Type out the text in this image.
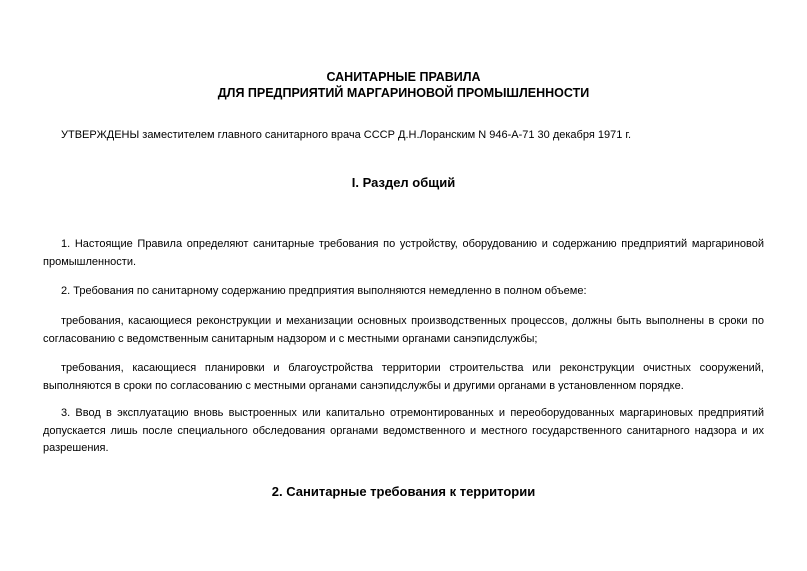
САНИТАРНЫЕ ПРАВИЛА
ДЛЯ ПРЕДПРИЯТИЙ МАРГАРИНОВОЙ ПРОМЫШЛЕННОСТИ
УТВЕРЖДЕНЫ заместителем главного санитарного врача СССР Д.Н.Лоранским N 946-А-71 30 декабря 1971 г.
I. Раздел общий

1. Настоящие Правила определяют санитарные требования по устройству, оборудованию и содержанию предприятий маргариновой промышленности.

2. Требования по санитарному содержанию предприятия выполняются немедленно в полном объеме:

требования, касающиеся реконструкции и механизации основных производственных процессов, должны быть выполнены в сроки по согласованию с ведомственным санитарным надзором и с местными органами санэпидслужбы;

требования, касающиеся планировки и благоустройства территории строительства или реконструкции очистных сооружений, выполняются в сроки по согласованию с местными органами санэпидслужбы и другими органами в установленном порядке.

3. Ввод в эксплуатацию вновь выстроенных или капитально отремонтированных и переоборудованных маргариновых предприятий допускается лишь после специального обследования органами ведомственного и местного государственного санитарного надзора и их разрешения.

2. Санитарные требования к территории
